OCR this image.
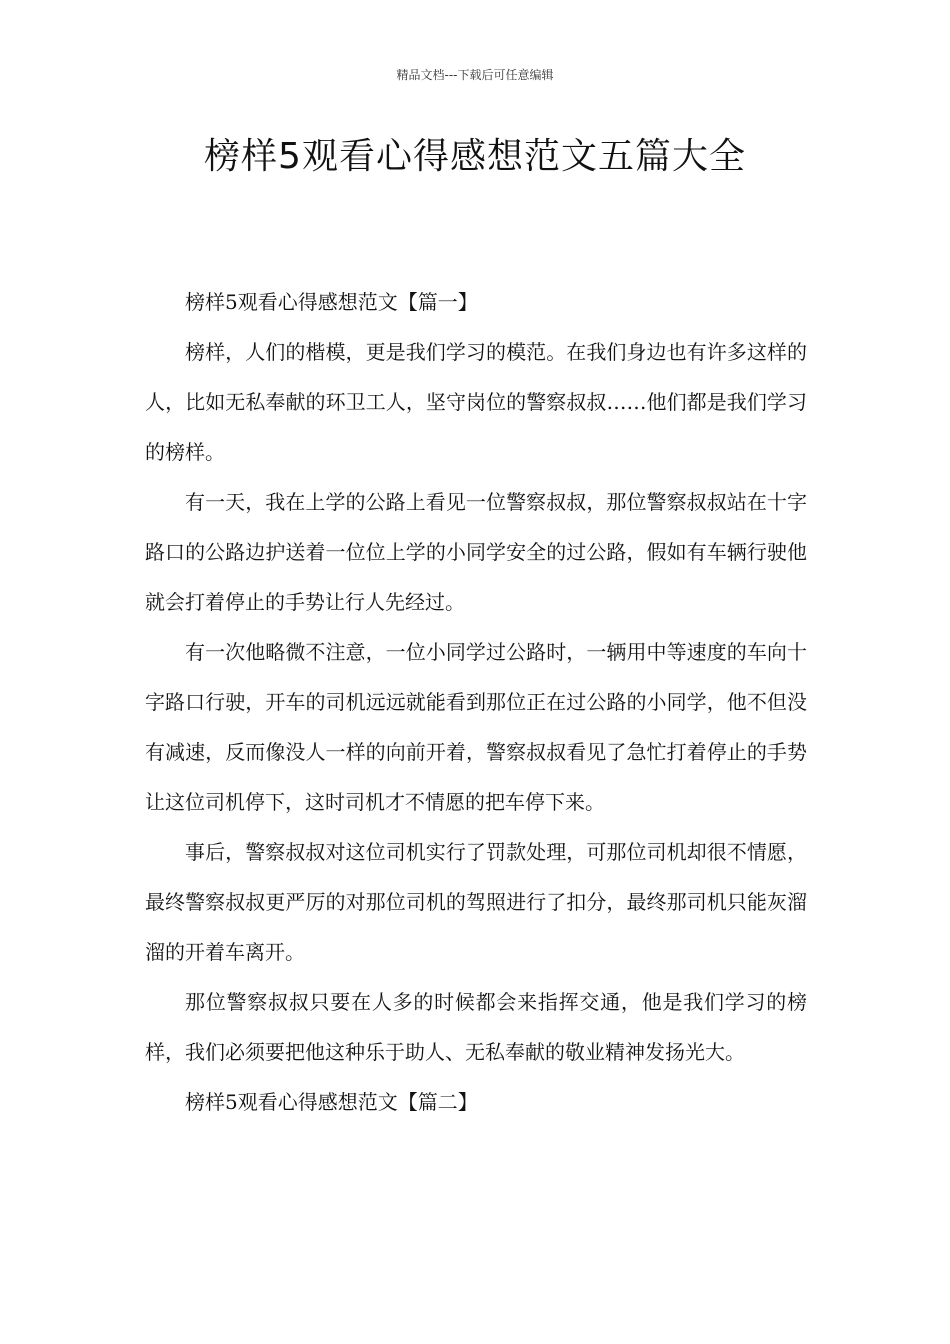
精品文档---下载后可任意编辑
榜样5观看心得感想范文五篇大全

榜样5观看心得感想范文【篇一】

榜样，人们的楷模，更是我们学习的模范。在我们身边也有许多这样的人，比如无私奉献的环卫工人，坚守岗位的警察叔叔……他们都是我们学习的榜样。

有一天，我在上学的公路上看见一位警察叔叔，那位警察叔叔站在十字路口的公路边护送着一位位上学的小同学安全的过公路，假如有车辆行驶他就会打着停止的手势让行人先经过。

有一次他略微不注意，一位小同学过公路时，一辆用中等速度的车向十字路口行驶，开车的司机远远就能看到那位正在过公路的小同学，他不但没有减速，反而像没人一样的向前开着，警察叔叔看见了急忙打着停止的手势让这位司机停下，这时司机才不情愿的把车停下来。

事后，警察叔叔对这位司机实行了罚款处理，可那位司机却很不情愿，最终警察叔叔更严厉的对那位司机的驾照进行了扣分，最终那司机只能灰溜溜的开着车离开。

那位警察叔叔只要在人多的时候都会来指挥交通，他是我们学习的榜样，我们必须要把他这种乐于助人、无私奉献的敬业精神发扬光大。

榜样5观看心得感想范文【篇二】
